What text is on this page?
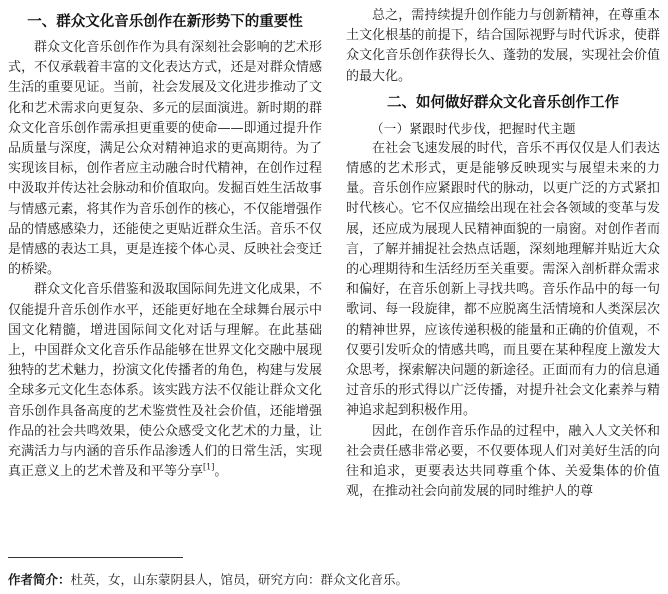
一、群众文化音乐创作在新形势下的重要性

群众文化音乐创作作为具有深刻社会影响的艺术形式，不仅承载着丰富的文化表达方式，还是对群众情感生活的重要见证。当前，社会发展及文化进步推动了文化和艺术需求向更复杂、多元的层面演进。新时期的群众文化音乐创作需承担更重要的使命——即通过提升作品质量与深度，满足公众对精神追求的更高期待。为了实现该目标，创作者应主动融合时代精神，在创作过程中汲取并传达社会脉动和价值取向。发掘百姓生活故事与情感元素，将其作为音乐创作的核心，不仅能增强作品的情感感染力，还能使之更贴近群众生活。音乐不仅是情感的表达工具，更是连接个体心灵、反映社会变迁的桥梁。

群众文化音乐借鉴和汲取国际间先进文化成果，不仅能提升音乐创作水平，还能更好地在全球舞台展示中国文化精髓，增进国际间文化对话与理解。在此基础上，中国群众文化音乐作品能够在世界文化交融中展现独特的艺术魅力，扮演文化传播者的角色，构建与发展全球多元文化生态体系。该实践方法不仅能让群众文化音乐创作具备高度的艺术鉴赏性及社会价值，还能增强作品的社会共鸣效果，使公众感受文化艺术的力量，让充满活力与内涵的音乐作品渗透人们的日常生活，实现真正意义上的艺术普及和平等分享[1]。

总之，需持续提升创作能力与创新精神，在尊重本土文化根基的前提下，结合国际视野与时代诉求，使群众文化音乐创作获得长久、蓬勃的发展，实现社会价值的最大化。

二、如何做好群众文化音乐创作工作
（一）紧跟时代步伐，把握时代主题

在社会飞速发展的时代，音乐不再仅仅是人们表达情感的艺术形式，更是能够反映现实与展望未来的力量。音乐创作应紧跟时代的脉动，以更广泛的方式紧扣时代核心。它不仅应描绘出现在社会各领域的变革与发展，还应成为展现人民精神面貌的一扇窗。对创作者而言，了解并捕捉社会热点话题，深刻地理解并贴近大众的心理期待和生活经历至关重要。需深入剖析群众需求和偏好，在音乐创新上寻找共鸣。音乐作品中的每一句歌词、每一段旋律，都不应脱离生活情境和人类深层次的精神世界，应该传递积极的能量和正确的价值观，不仅要引发听众的情感共鸣，而且要在某种程度上激发大众思考，探索解决问题的新途径。正面而有力的信息通过音乐的形式得以广泛传播，对提升社会文化素养与精神追求起到积极作用。

因此，在创作音乐作品的过程中，融入人文关怀和社会责任感非常必要，不仅要体现人们对美好生活的向往和追求，更要表达共同尊重个体、关爱集体的价值观，在推动社会向前发展的同时维护人的尊

作者简介：杜英，女，山东蒙阴县人，馆员，研究方向：群众文化音乐。
